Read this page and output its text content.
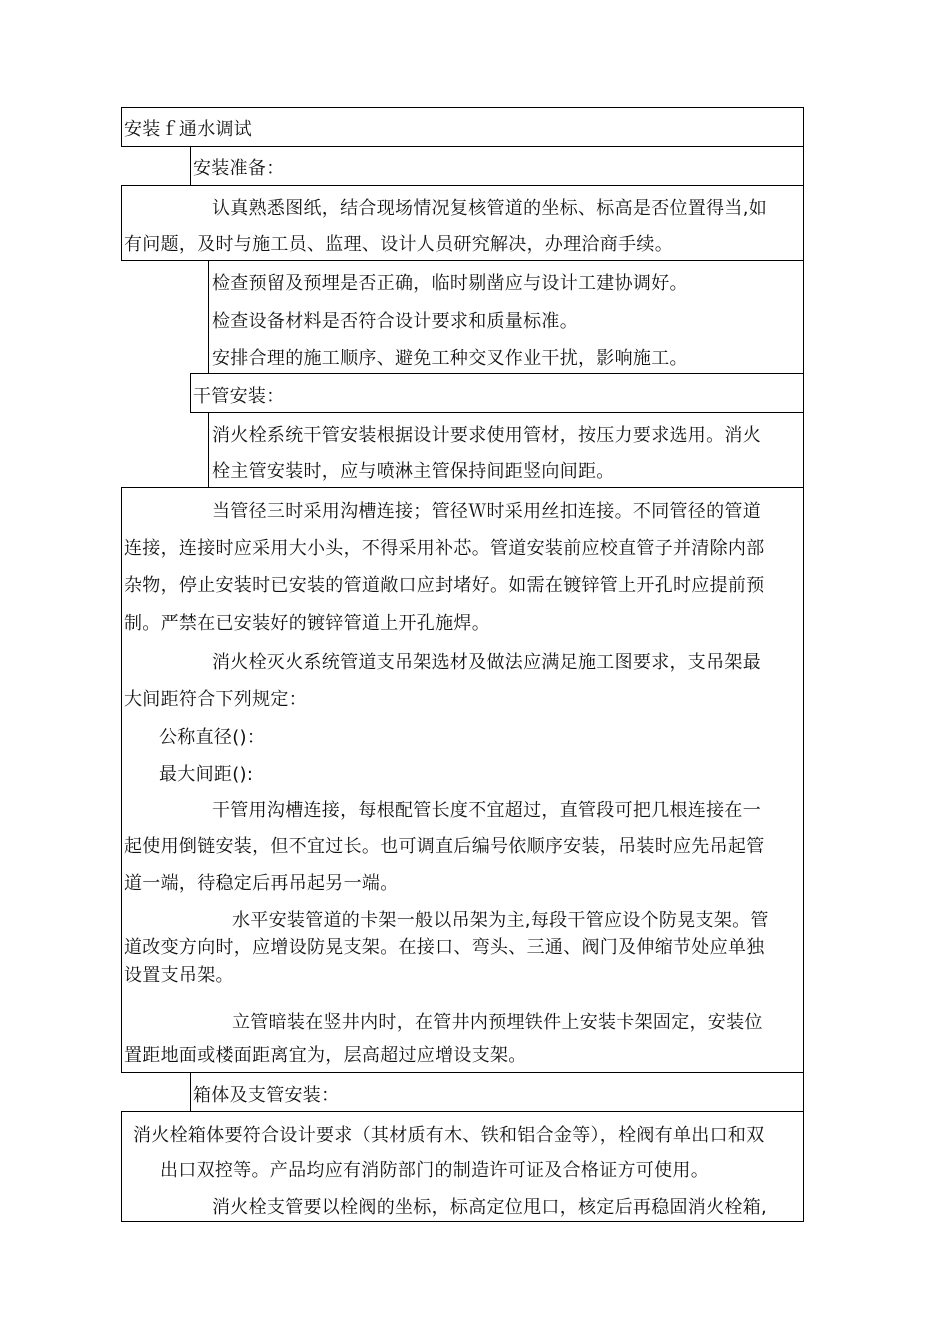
安装ｆ通水调试
安装准备：
认真熟悉图纸，结合现场情况复核管道的坐标、标高是否位置得当,如
有问题，及时与施工员、监理、设计人员研究解决，办理洽商手续。
检查预留及预埋是否正确，临时剔凿应与设计工建协调好。
检查设备材料是否符合设计要求和质量标准。
安排合理的施工顺序、避免工种交叉作业干扰，影响施工。
干管安装：
消火栓系统干管安装根据设计要求使用管材，按压力要求选用。消火
栓主管安装时，应与喷淋主管保持间距竖向间距。
当管径三时采用沟槽连接；管径Ｗ时采用丝扣连接。不同管径的管道
连接，连接时应采用大小头，不得采用补芯。管道安装前应校直管子并清除内部
杂物，停止安装时已安装的管道敞口应封堵好。如需在镀锌管上开孔时应提前预
制。严禁在已安装好的镀锌管道上开孔施焊。
消火栓灭火系统管道支吊架选材及做法应满足施工图要求，支吊架最
大间距符合下列规定：
公称直径()：
最大间距():
干管用沟槽连接，每根配管长度不宜超过，直管段可把几根连接在一
起使用倒链安装，但不宜过长。也可调直后编号依顺序安装，吊装时应先吊起管
道一端，待稳定后再吊起另一端。
水平安装管道的卡架一般以吊架为主,每段干管应设个防晃支架。管
道改变方向时，应增设防晃支架。在接口、弯头、三通、阀门及伸缩节处应单独
设置支吊架。
立管暗装在竖井内时，在管井内预埋铁件上安装卡架固定，安装位
置距地面或楼面距离宜为，层高超过应增设支架。
箱体及支管安装：
消火栓箱体要符合设计要求（其材质有木、铁和铝合金等），栓阀有单出口和双
出口双控等。产品均应有消防部门的制造许可证及合格证方可使用。
消火栓支管要以栓阀的坐标，标高定位甩口，核定后再稳固消火栓箱,
